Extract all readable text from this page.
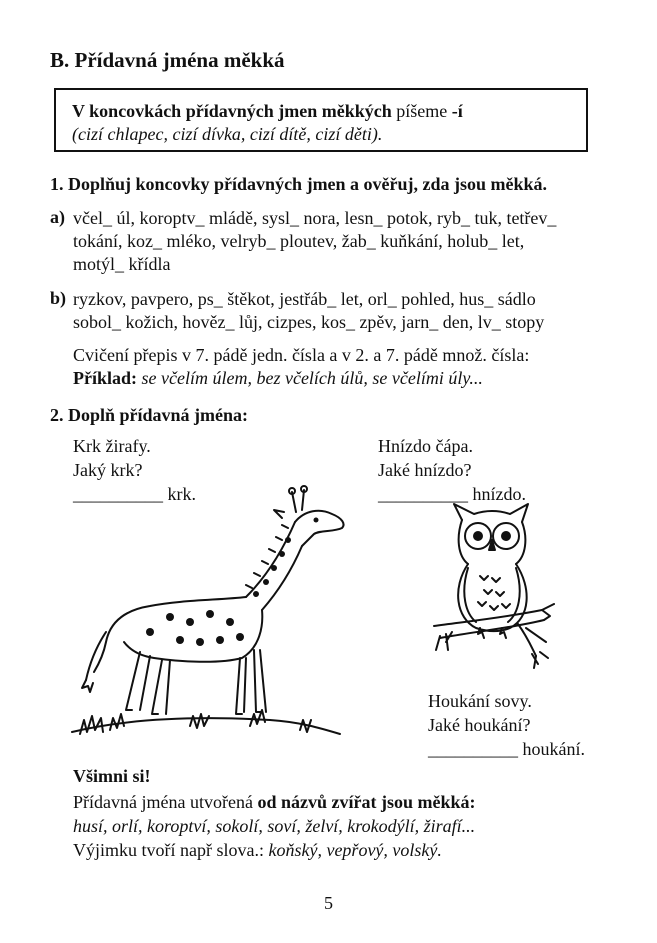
B. Přídavná jména měkká
V koncovkách přídavných jmen měkkých píšeme -í
(cizí chlapec, cizí dívka, cizí dítě, cizí děti).
1. Doplňuj koncovky přídavných jmen a ověřuj, zda jsou měkká.
a) včel_ úl, koroptv_ mládě, sysl_ nora, lesn_ potok, ryb_ tuk, tetřev_
tokání, koz_ mléko, velryb_ ploutev, žab_ kuňkání, holub_ let,
motýl_ křídla
b) ryzkov, pavpero, ps_ štěkot, jestřáb_ let, orl_ pohled, hus_ sádlo
sobol_ kožich, hověz_ lůj, cizpes, kos_ zpěv, jarn_ den, lv_ stopy
Cvičení přepis v 7. pádě jedn. čísla a v 2. a 7. pádě množ. čísla:
Příklad: se včelím úlem, bez včelích úlů, se včelími úly...
2. Doplň přídavná jména:
Krk žirafy.
Jaký krk?
__________ krk.
Hnízdo čápa.
Jaké hnízdo?
__________ hnízdo.
Houkání sovy.
Jaké houkání?
__________ houkání.
Všimni si!
Přídavná jména utvořená od názvů zvířat jsou měkká:
husí, orlí, koroptví, sokolí, soví, želví, krokodýlí, žirafí...
Výjimku tvoří např slova.: koňský, vepřový, volský.
5
